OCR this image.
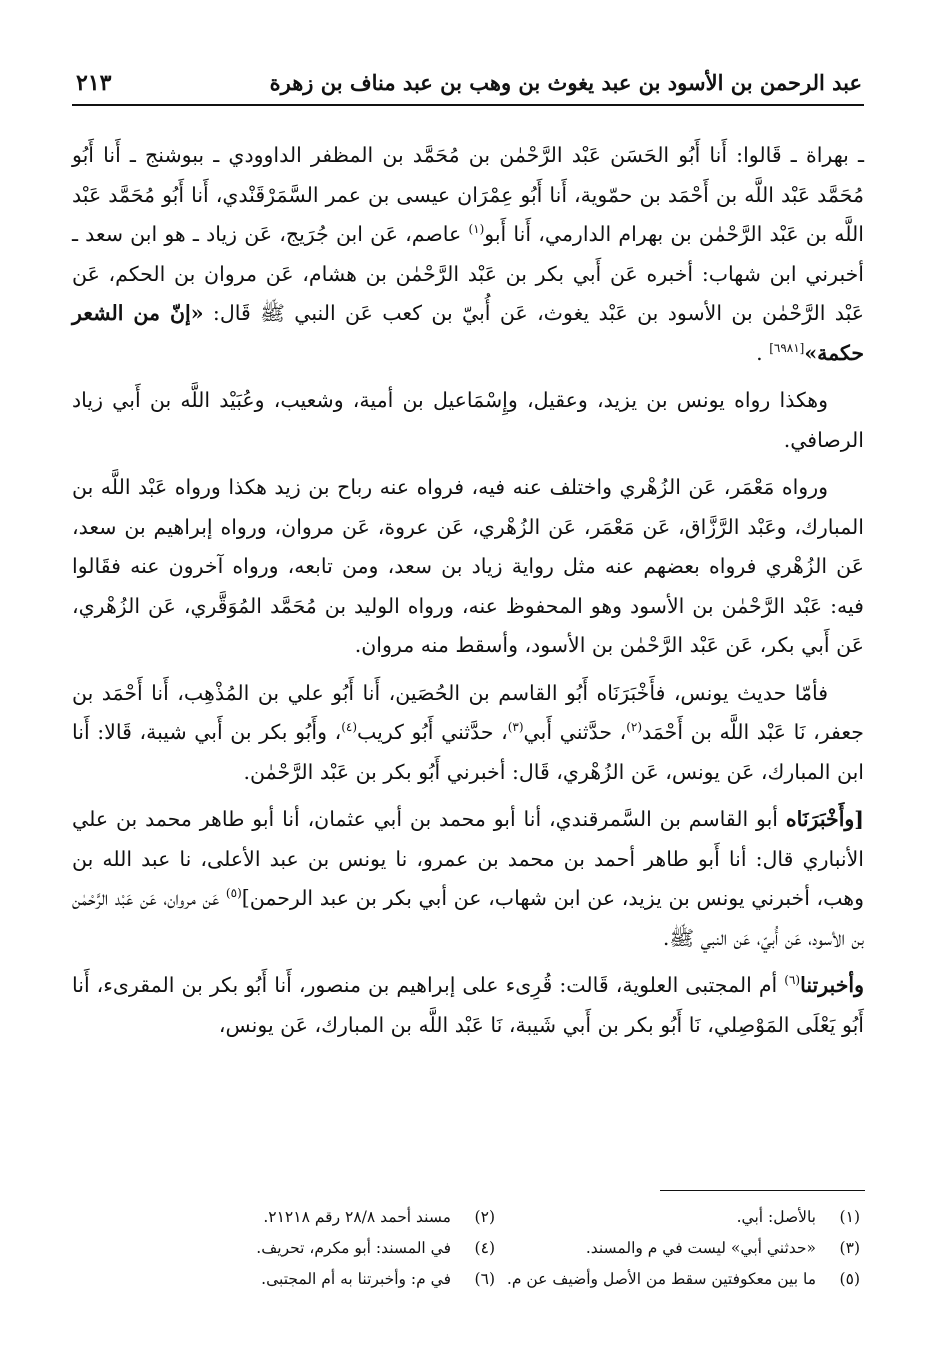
عبد الرحمن بن الأسود بن عبد يغوث بن وهب بن عبد مناف بن زهرة
٢١٣

ـ بهراة ـ قَالوا: أَنا أَبُو الحَسَن عَبْد الرَّحْمٰن بن مُحَمَّد بن المظفر الداوودي ـ ببوشنج ـ أَنا أَبُو مُحَمَّد عَبْد اللَّه بن أَحْمَد بن حمّوية، أَنا أَبُو عِمْرَان عيسى بن عمر السَّمَرْقَنْدي، أَنا أَبُو مُحَمَّد عَبْد اللَّه بن عَبْد الرَّحْمٰن بن بهرام الدارمي، أَنا أَبو$^{(١)}$ عاصم، عَن ابن جُرَيج، عَن زياد ـ هو ابن سعد ـ أخبرني ابن شهاب: أخبره عَن أَبي بكر بن عَبْد الرَّحْمٰن بن هشام، عَن مروان بن الحكم، عَن عَبْد الرَّحْمٰن بن الأسود بن عَبْد يغوث، عَن أُبيّ بن كعب عَن النبي ﷺ قَال: «إنّ من الشعر حكمة»[٦٩٨١] .

وهكذا رواه يونس بن يزيد، وعقيل، وإِسْمَاعيل بن أمية، وشعيب، وعُبَيْد اللَّه بن أَبي زياد الرصافي.

ورواه مَعْمَر، عَن الزُهْري واختلف عنه فيه، فرواه عنه رباح بن زيد هكذا ورواه عَبْد اللَّه بن المبارك، وعَبْد الرَّزَّاق، عَن مَعْمَر، عَن الزُهْري، عَن عروة، عَن مروان، ورواه إبراهيم بن سعد، عَن الزُهْري فرواه بعضهم عنه مثل رواية زياد بن سعد، ومن تابعه، ورواه آخرون عنه فقَالوا فيه: عَبْد الرَّحْمٰن بن الأسود وهو المحفوظ عنه، ورواه الوليد بن مُحَمَّد المُوَقَّري، عَن الزُهْري، عَن أَبي بكر، عَن عَبْد الرَّحْمٰن بن الأسود، وأسقط منه مروان.

فأمّا حديث يونس، فأَخْبَرَنَاه أَبُو القاسم بن الحُصَين، أَنا أَبُو علي بن المُذْهِب، أَنا أَحْمَد بن جعفر، نَا عَبْد اللَّه بن أَحْمَد$^{(٢)}$، حدَّثني أَبي$^{(٣)}$، حدَّثني أَبُو كريب$^{(٤)}$، وأَبُو بكر بن أَبي شيبة، قَالا: أَنا ابن المبارك، عَن يونس، عَن الزُهْري، قَال: أخبرني أَبُو بكر بن عَبْد الرَّحْمٰن.

[وأَخْبَرَنَاه أبو القاسم بن السَّمرقندي، أنا أبو محمد بن أبي عثمان، أنا أبو طاهر محمد بن علي الأنباري قال: أنا أَبو طاهر أحمد بن محمد بن عمرو، نا يونس بن عبد الأعلى، نا عبد الله بن وهب، أخبرني يونس بن يزيد، عن ابن شهاب، عن أبي بكر بن عبد الرحمن]$^{(٥)}$ عَن مروان، عَن عَبْد الرَّحْمٰن بن الأسود، عَن أُبيّ، عَن النبي ﷺ.

وأخبرتنا$^{(٦)}$ أم المجتبى العلوية، قَالت: قُرِىء على إبراهيم بن منصور، أَنا أَبُو بكر بن المقرىء، أَنا أَبُو يَعْلَى المَوْصِلي، نَا أَبُو بكر بن أَبي شَيبة، نَا عَبْد اللَّه بن المبارك، عَن يونس،

(١)بالأصل: أبي.
(٢)مسند أحمد ٢٨/٨ رقم ٢١٢١٨.
(٣)«حدثني أبي» ليست في م والمسند.
(٤)في المسند: أبو مكرم، تحريف.
(٥)ما بين معكوفتين سقط من الأصل وأضيف عن م.
(٦)في م: وأخبرتنا به أم المجتبى.
